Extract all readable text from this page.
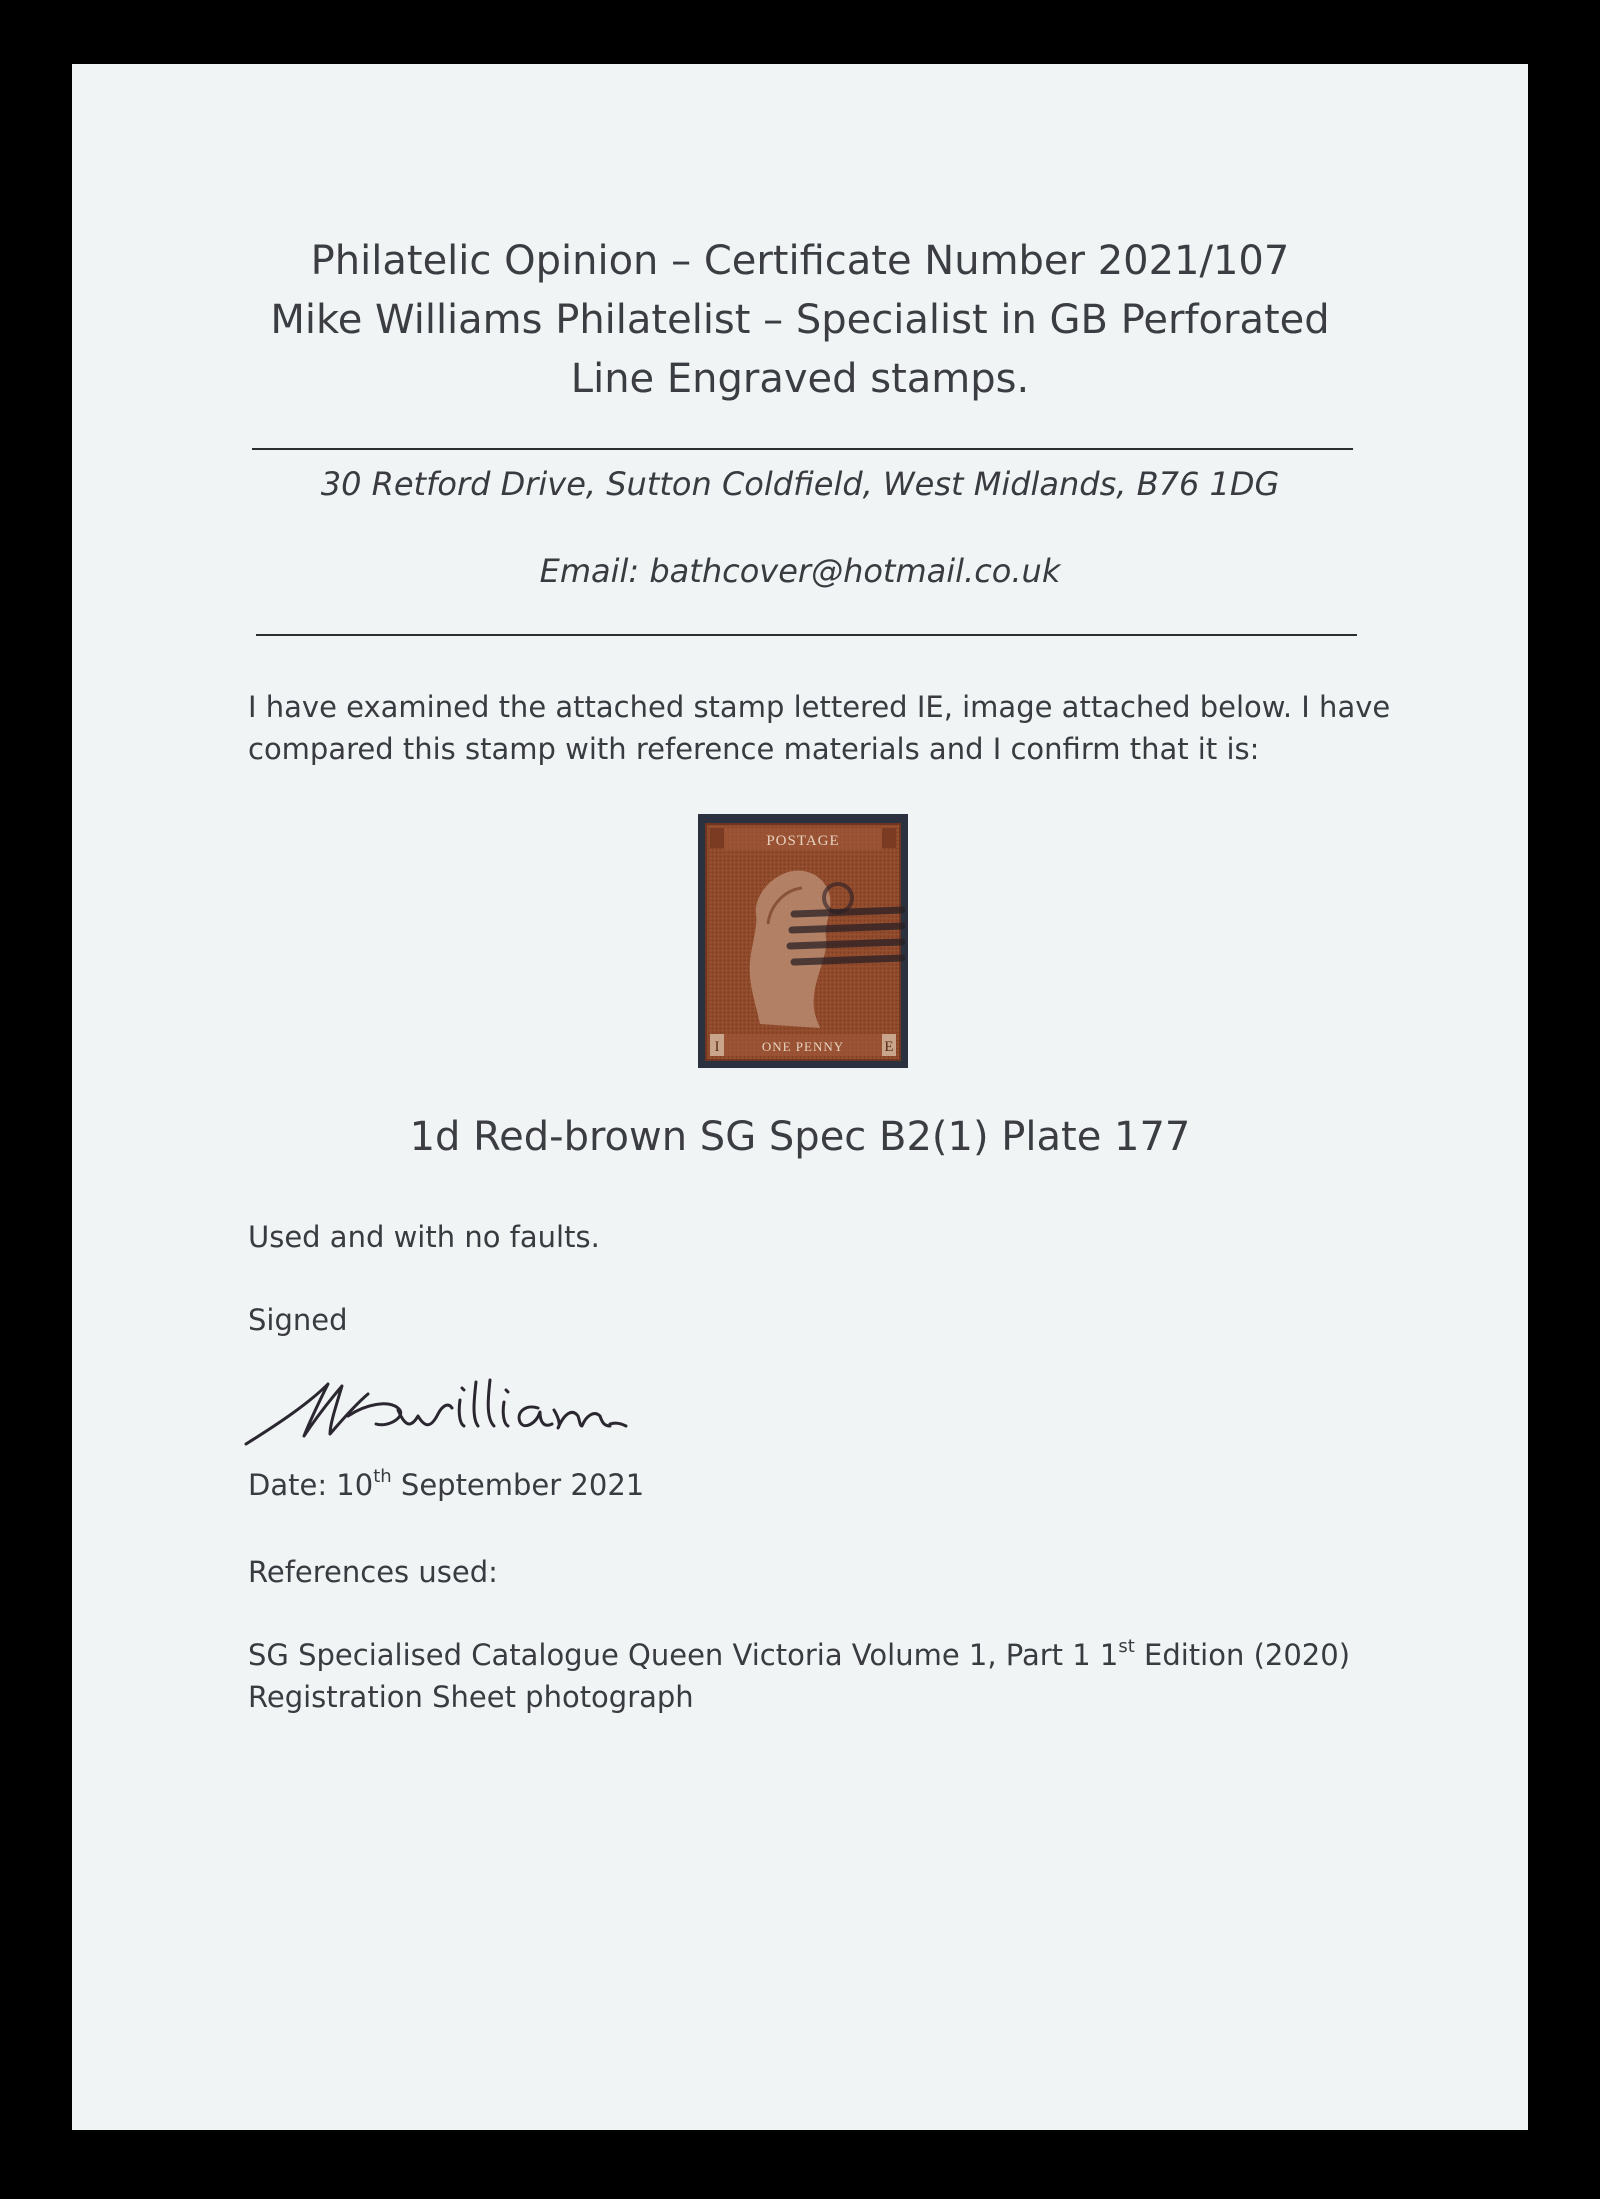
Philatelic Opinion – Certificate Number 2021/107
Mike Williams Philatelist – Specialist in GB Perforated
Line Engraved stamps.
30 Retford Drive, Sutton Coldfield, West Midlands, B76 1DG
Email: bathcover@hotmail.co.uk
I have examined the attached stamp lettered IE, image attached below. I have
compared this stamp with reference materials and I confirm that it is:
POSTAGE
ONE PENNY
I	E
1d Red-brown SG Spec B2(1) Plate 177
Used and with no faults.
Signed
Date: 10th September 2021
References used:
SG Specialised Catalogue Queen Victoria Volume 1, Part 1 1st Edition (2020)
Registration Sheet photograph
